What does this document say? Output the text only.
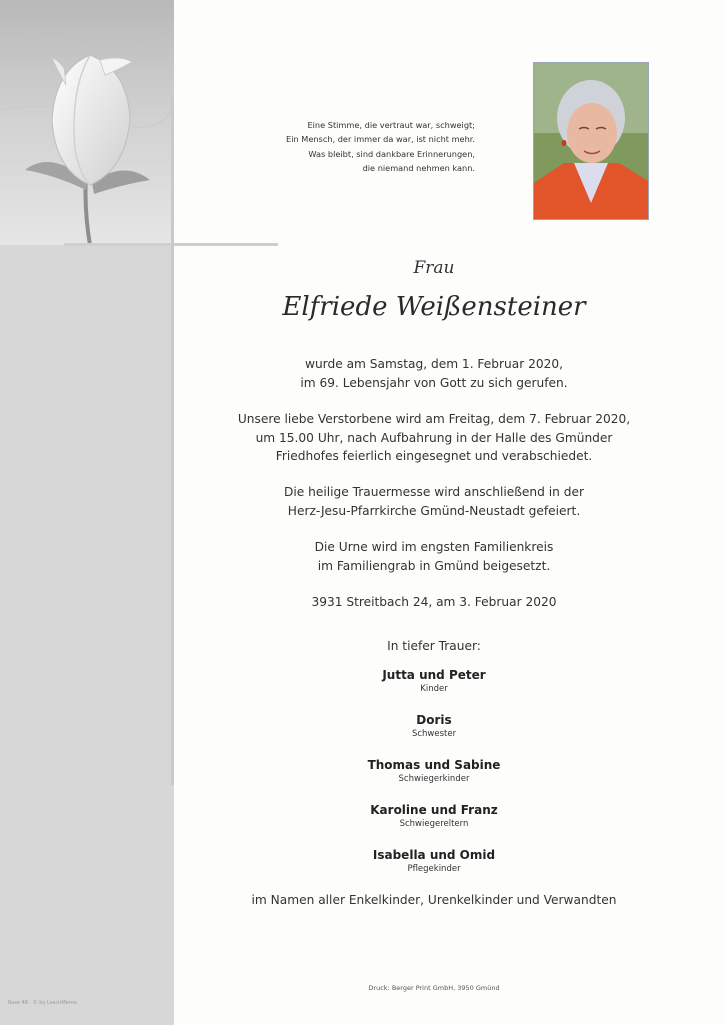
Eine Stimme, die vertraut war, schweigt;
Ein Mensch, der immer da war, ist nicht mehr.
Was bleibt, sind dankbare Erinnerungen,
die niemand nehmen kann.
Frau
Elfriede Weißensteiner
wurde am Samstag, dem 1. Februar 2020,
im 69. Lebensjahr von Gott zu sich gerufen.
Unsere liebe Verstorbene wird am Freitag, dem 7. Februar 2020,
um 15.00 Uhr, nach Aufbahrung in der Halle des Gmünder
Friedhofes feierlich eingesegnet und verabschiedet.
Die heilige Trauermesse wird anschließend in der
Herz-Jesu-Pfarrkirche Gmünd-Neustadt gefeiert.
Die Urne wird im engsten Familienkreis
im Familiengrab in Gmünd beigesetzt.
3931 Streitbach 24, am 3. Februar 2020
In tiefer Trauer:
Jutta und Peter
Kinder
Doris
Schwester
Thomas und Sabine
Schwiegerkinder
Karoline und Franz
Schwiegereltern
Isabella und Omid
Pflegekinder
im Namen aller Enkelkinder, Urenkelkinder und Verwandten
Druck: Berger Print GmbH, 3950 Gmünd
Rose 48 · © by LeschMemo
